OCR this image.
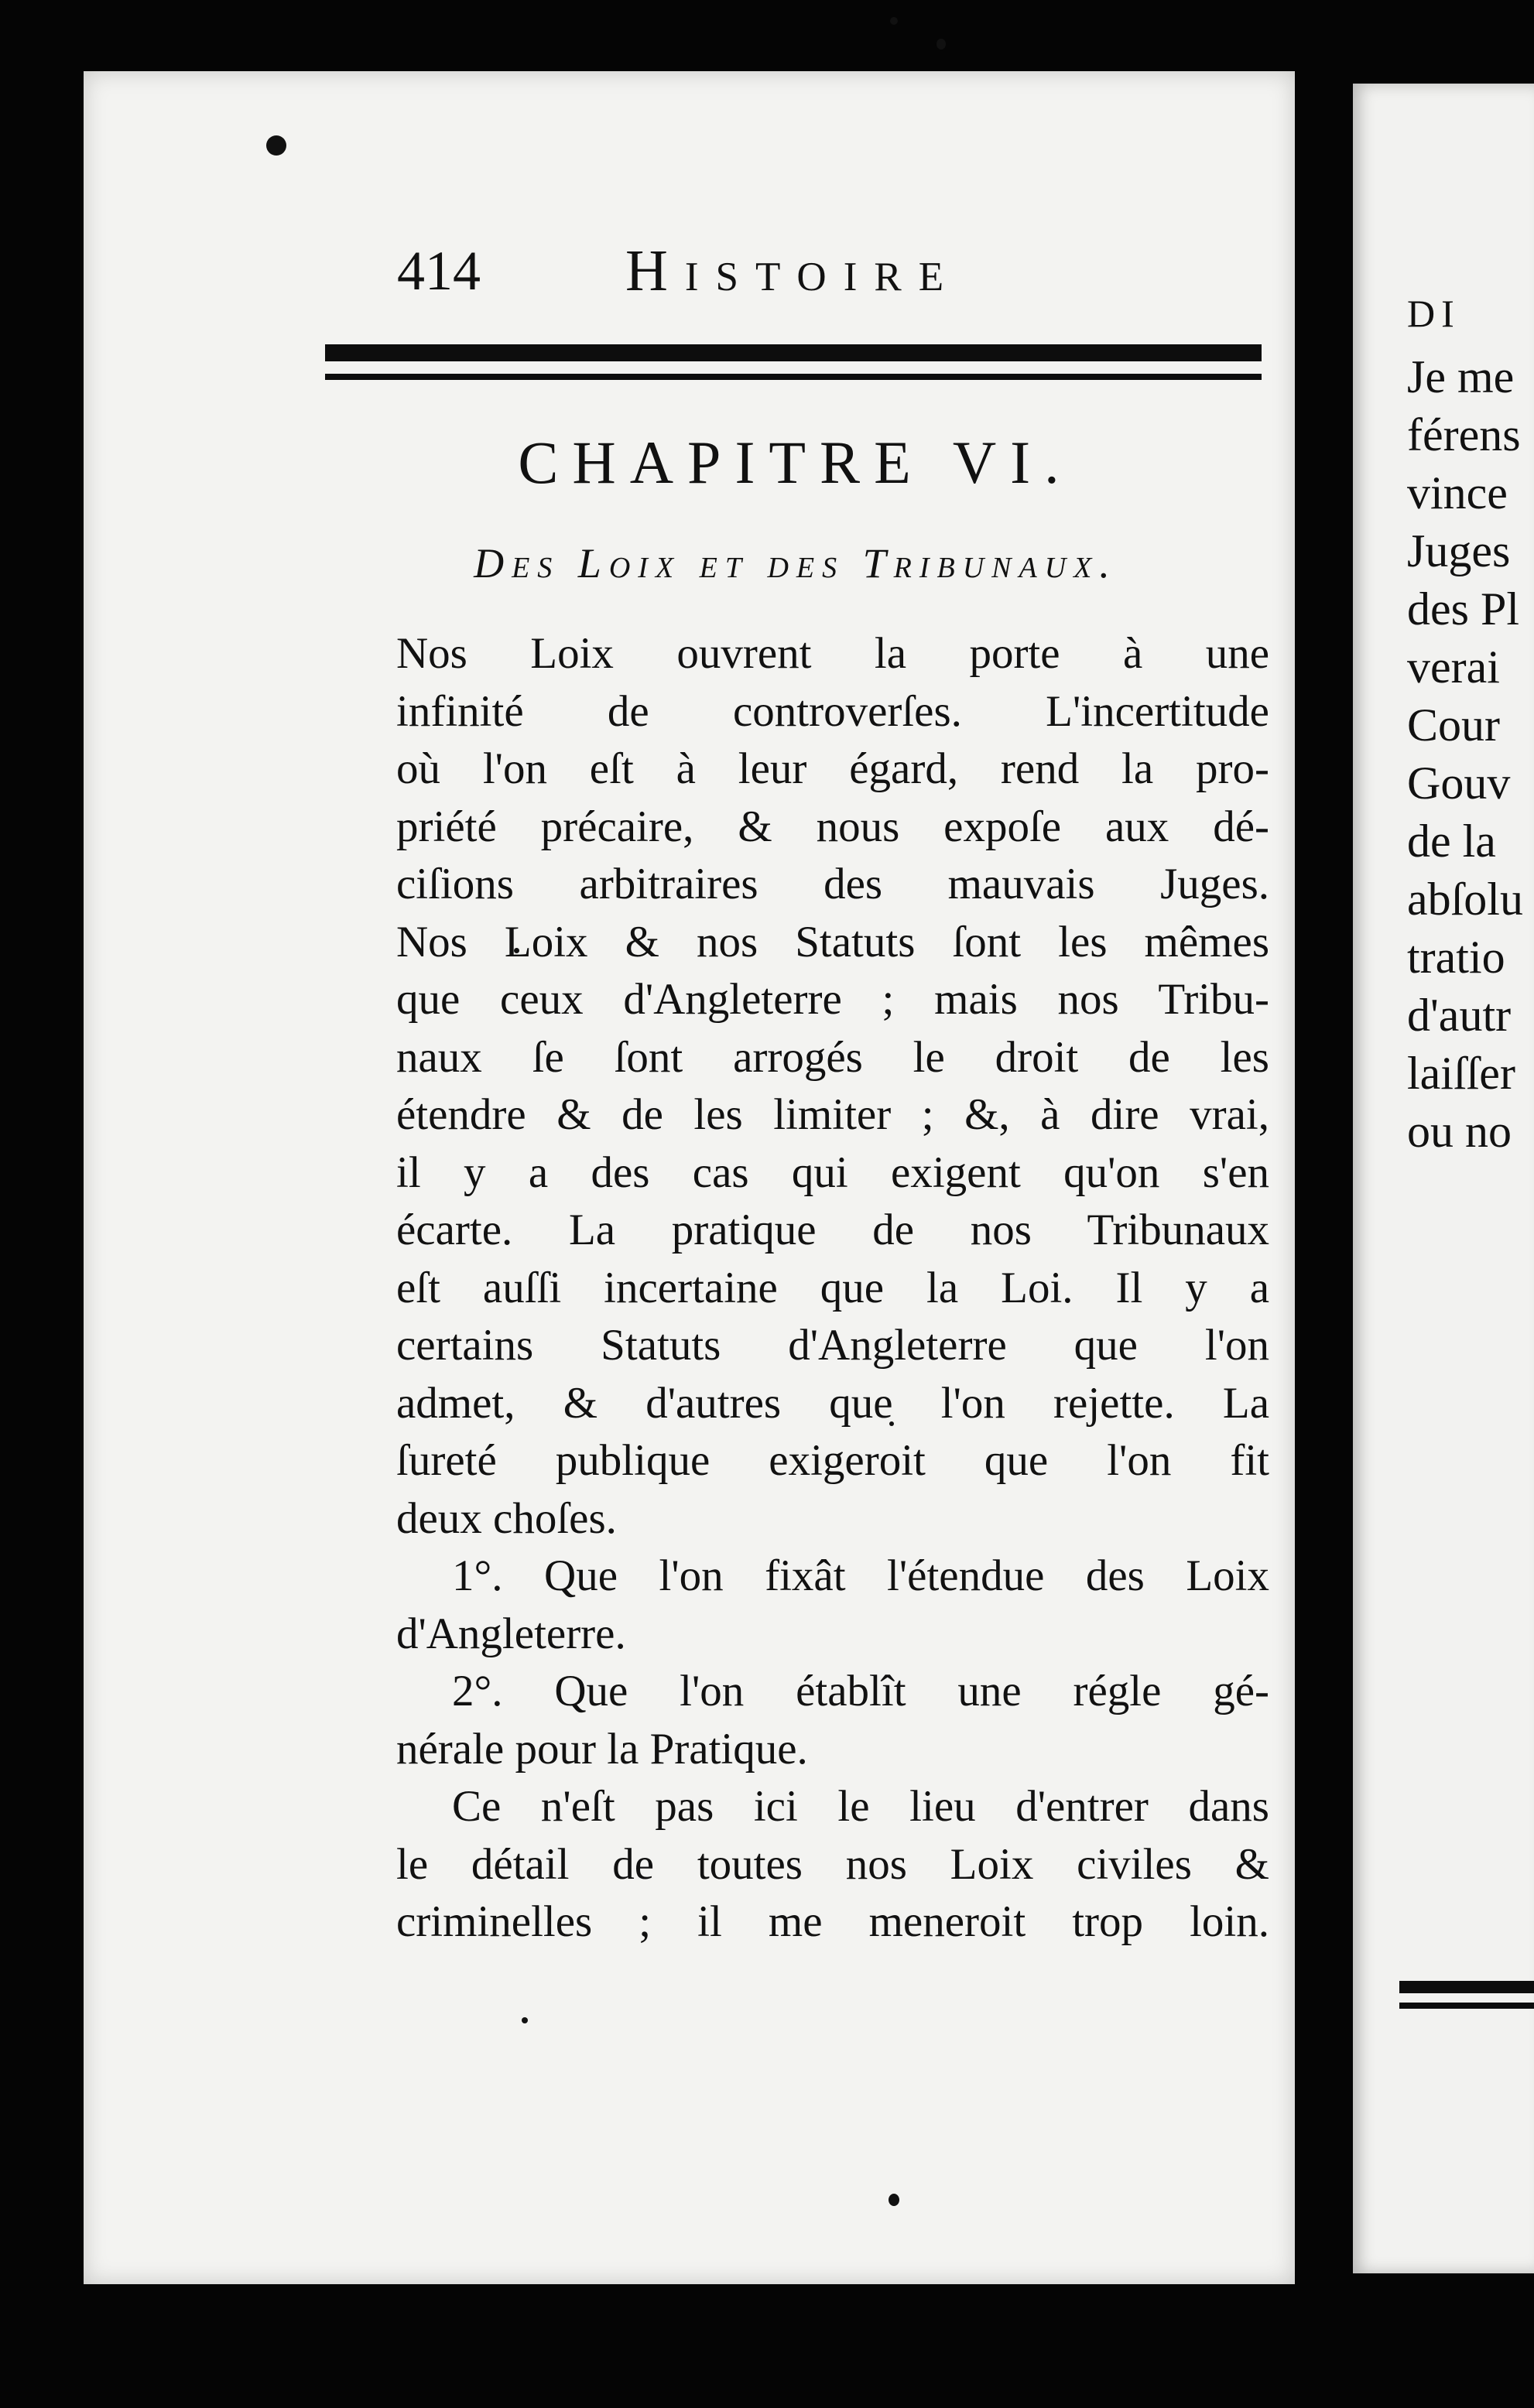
414 Histoire
CHAPITRE VI.
Des Loix et des Tribunaux.
Nos Loix ouvrent la porte à une
infinité de controverſes. L'incertitude
où l'on eſt à leur égard, rend la pro-
priété précaire, & nous expoſe aux dé-
ciſions arbitraires des mauvais Juges.
Nos Loix & nos Statuts ſont les mêmes
que ceux d'Angleterre ; mais nos Tribu-
naux ſe ſont arrogés le droit de les
étendre & de les limiter ; &, à dire vrai,
il y a des cas qui exigent qu'on s'en
écarte. La pratique de nos Tribunaux
eſt auſſi incertaine que la Loi. Il y a
certains Statuts d'Angleterre que l'on
admet, & d'autres que l'on rejette. La
ſureté publique exigeroit que l'on fit
deux choſes.
1°. Que l'on fixât l'étendue des Loix
d'Angleterre.
2°. Que l'on établît une régle gé-
nérale pour la Pratique.
Ce n'eſt pas ici le lieu d'entrer dans
le détail de toutes nos Loix civiles &
criminelles ; il me meneroit trop loin.
DI
Je me
férens
vince
Juges
des Pl
verai
Cour
Gouv
de la
abſolu
tratio
d'autr
laiſſer
ou no
